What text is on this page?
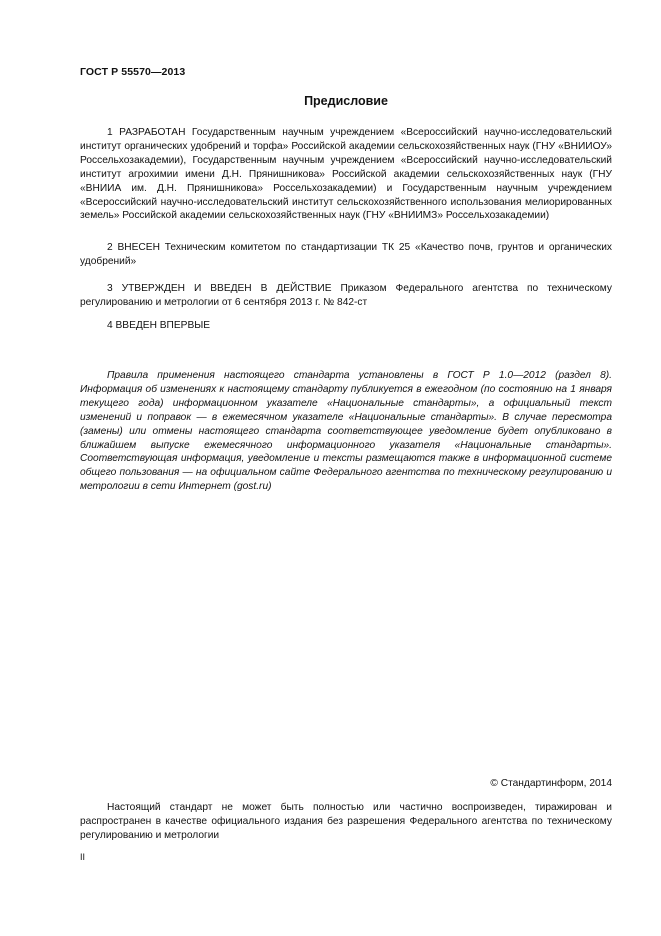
ГОСТ Р 55570—2013
Предисловие
1 РАЗРАБОТАН Государственным научным учреждением «Всероссийский научно-исследовательский институт органических удобрений и торфа» Российской академии сельскохозяйственных наук (ГНУ «ВНИИОУ» Россельхозакадемии), Государственным научным учреждением «Всероссийский научно-исследовательский институт агрохимии имени Д.Н. Прянишникова» Российской академии сельскохозяйственных наук (ГНУ «ВНИИА им. Д.Н. Прянишникова» Россельхозакадемии) и Государственным научным учреждением «Всероссийский научно-исследовательский институт сельскохозяйственного использования мелиорированных земель» Российской академии сельскохозяйственных наук (ГНУ «ВНИИМЗ» Россельхозакадемии)
2 ВНЕСЕН Техническим комитетом по стандартизации ТК 25 «Качество почв, грунтов и органических удобрений»
3 УТВЕРЖДЕН И ВВЕДЕН В ДЕЙСТВИЕ Приказом Федерального агентства по техническому регулированию и метрологии от 6 сентября 2013 г. № 842-ст
4 ВВЕДЕН ВПЕРВЫЕ
Правила применения настоящего стандарта установлены в ГОСТ Р 1.0—2012 (раздел 8). Информация об изменениях к настоящему стандарту публикуется в ежегодном (по состоянию на 1 января текущего года) информационном указателе «Национальные стандарты», а официальный текст изменений и поправок — в ежемесячном указателе «Национальные стандарты». В случае пересмотра (замены) или отмены настоящего стандарта соответствующее уведомление будет опубликовано в ближайшем выпуске ежемесячного информационного указателя «Национальные стандарты». Соответствующая информация, уведомление и тексты размещаются также в информационной системе общего пользования — на официальном сайте Федерального агентства по техническому регулированию и метрологии в сети Интернет (gost.ru)
© Стандартинформ, 2014
Настоящий стандарт не может быть полностью или частично воспроизведен, тиражирован и распространен в качестве официального издания без разрешения Федерального агентства по техническому регулированию и метрологии
II
